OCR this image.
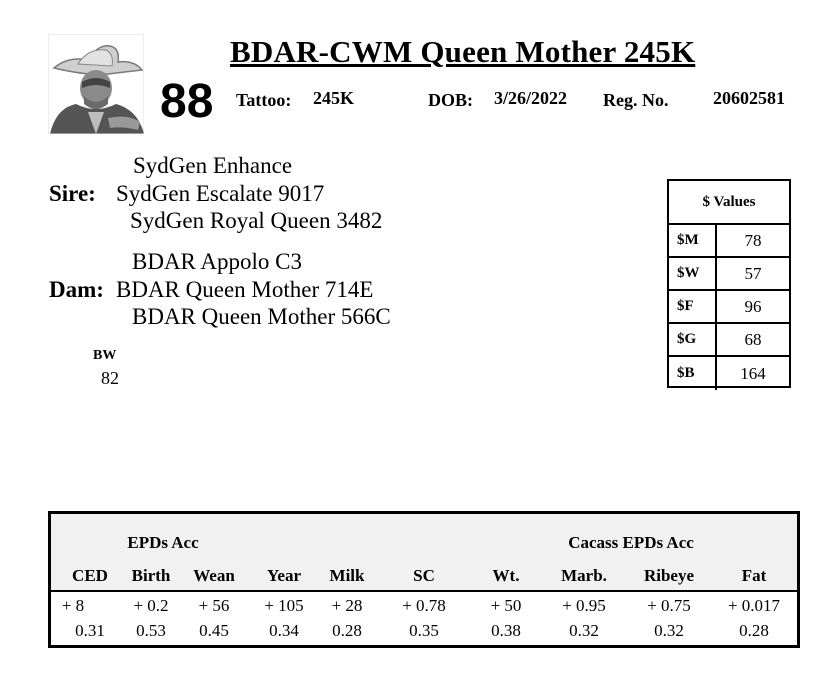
BDAR-CWM Queen Mother 245K
88 Tattoo: 245K	DOB: 3/26/2022 Reg. No. 20602581
SydGen Enhance
Sire: SydGen Escalate 9017
SydGen Royal Queen 3482
BDAR Appolo C3
Dam: BDAR Queen Mother 714E
BDAR Queen Mother 566C
BW
82
$ Values
$M	78
$W	57
$F	96
$G	68
$B	164
EPDs Acc	Cacass EPDs Acc
CED Birth Wean Year Milk	SC	Wt. Marb. Ribeye	Fat
+ 8	+ 0.2 + 56 + 105 + 28 + 0.78	+ 50 + 0.95 + 0.75 + 0.017
0.31 0.53 0.45 0.34 0.28	0.35	0.38	0.32	0.32	0.28
